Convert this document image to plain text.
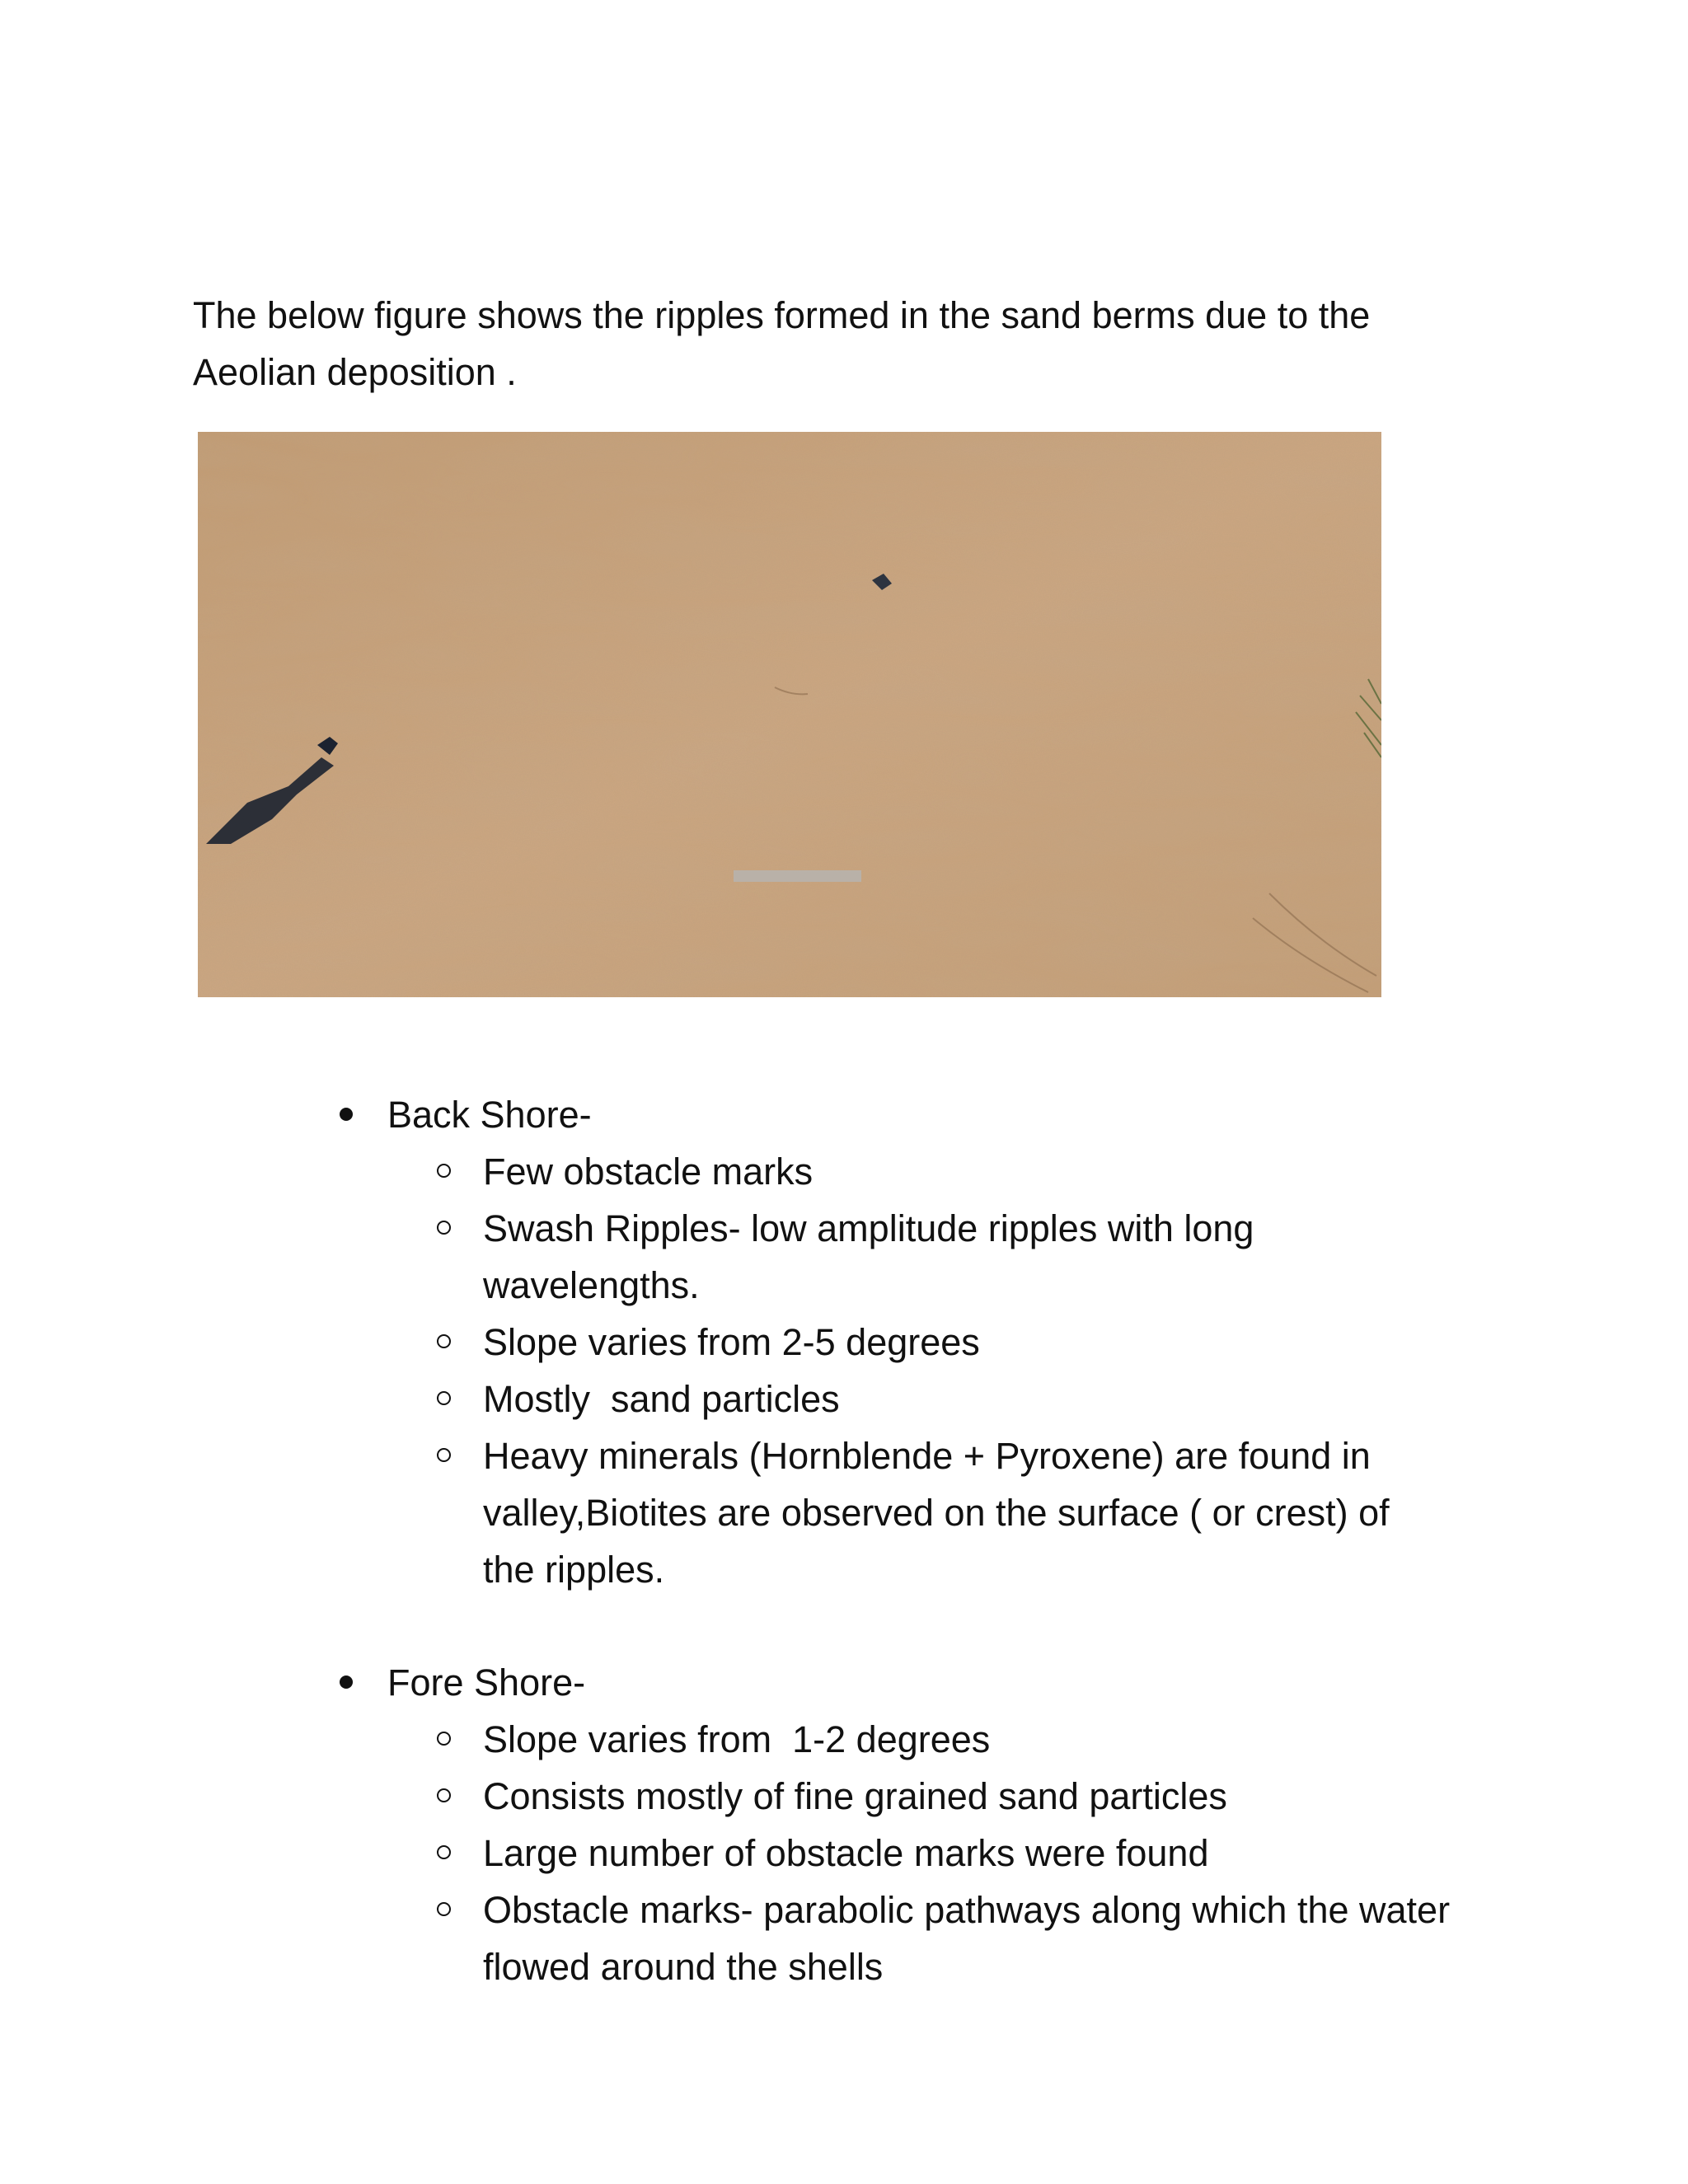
The below figure shows the ripples formed in the sand berms due to the Aeolian deposition .

Back Shore-
Few obstacle marks
Swash Ripples- low amplitude ripples with long wavelengths.
Slope varies from 2-5 degrees
Mostly  sand particles
Heavy minerals (Hornblende + Pyroxene) are found in valley,Biotites are observed on the surface ( or crest) of the ripples.
Fore Shore-
Slope varies from  1-2 degrees
Consists mostly of fine grained sand particles
Large number of obstacle marks were found
Obstacle marks- parabolic pathways along which the water flowed around the shells
